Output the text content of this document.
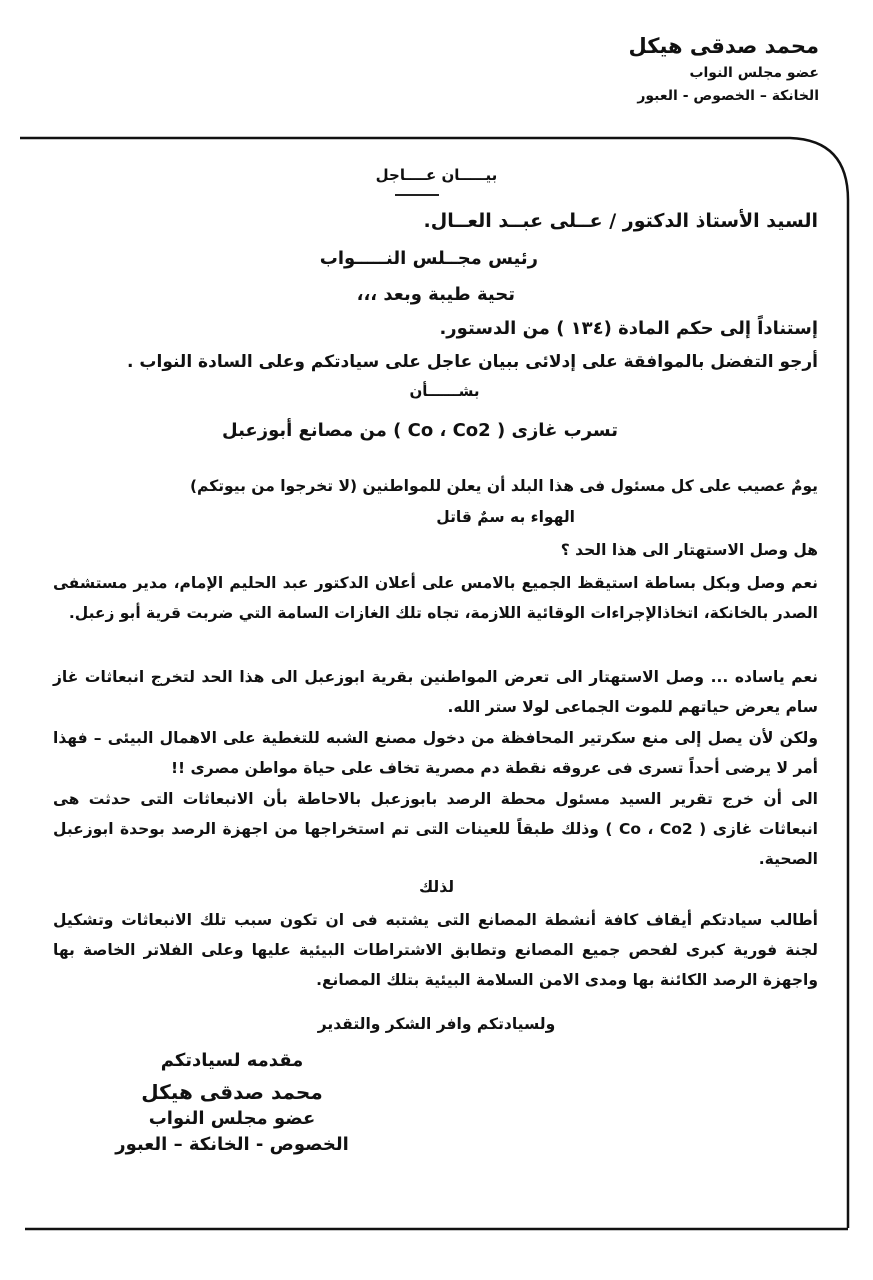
محمد صدقى هيكل
عضو مجلس النواب
الخانكة – الخصوص - العبور
بيـــــان عــــاجل
السيد الأستاذ الدكتور / عــلى عبــد العــال.
رئيس مجــلس النـــــواب
تحية طيبة وبعد ،،،
إستناداً إلى حكم المادة (١٣٤ ) من الدستور.
أرجو التفضل بالموافقة على إدلائى ببيان عاجل على سيادتكم وعلى السادة النواب .
بشــــــأن
تسرب غازى ( Co ، Co2 ) من مصانع أبوزعبل
يومٌ عصيب على كل مسئول فى هذا البلد أن يعلن للمواطنين (لا تخرجوا من بيوتكم)
الهواء به سمٌ قاتل
هل وصل الاستهتار الى هذا الحد ؟
نعم وصل وبكل بساطة استيقظ الجميع بالامس على أعلان الدكتور عبد الحليم الإمام، مدير مستشفى الصدر بالخانكة، اتخاذالإجراءات الوقائية اللازمة، تجاه تلك الغازات السامة التي ضربت قرية أبو زعبل.
نعم ياساده ... وصل الاستهتار الى تعرض المواطنين بقرية ابوزعبل الى هذا الحد لتخرج انبعاثات غاز سام يعرض حياتهم للموت الجماعى لولا ستر الله.
ولكن لأن يصل إلى منع سكرتير المحافظة من دخول مصنع الشبه للتغطية على الاهمال البيئى – فهذا أمر لا يرضى أحداً تسرى فى عروقه نقطة دم مصرية تخاف على حياة مواطن مصرى !!
الى أن خرج تقرير السيد مسئول محطة الرصد بابوزعبل بالاحاطة بأن الانبعاثات التى حدثت هى انبعاثات غازى ( Co ، Co2 ) وذلك طبقاً للعينات التى تم استخراجها من اجهزة الرصد بوحدة ابوزعبل الصحية.
لذلك
أطالب سيادتكم أيقاف كافة أنشطة المصانع التى يشتبه فى ان تكون سبب تلك الانبعاثات وتشكيل لجنة فورية كبرى لفحص جميع المصانع وتطابق الاشتراطات البيئية عليها وعلى الفلاتر الخاصة بها واجهزة الرصد الكائنة بها ومدى الامن السلامة البيئية بتلك المصانع.
ولسيادتكم وافر الشكر والتقدير
مقدمه لسيادتكم
محمد صدقى هيكل
عضو مجلس النواب
الخصوص - الخانكة – العبور
